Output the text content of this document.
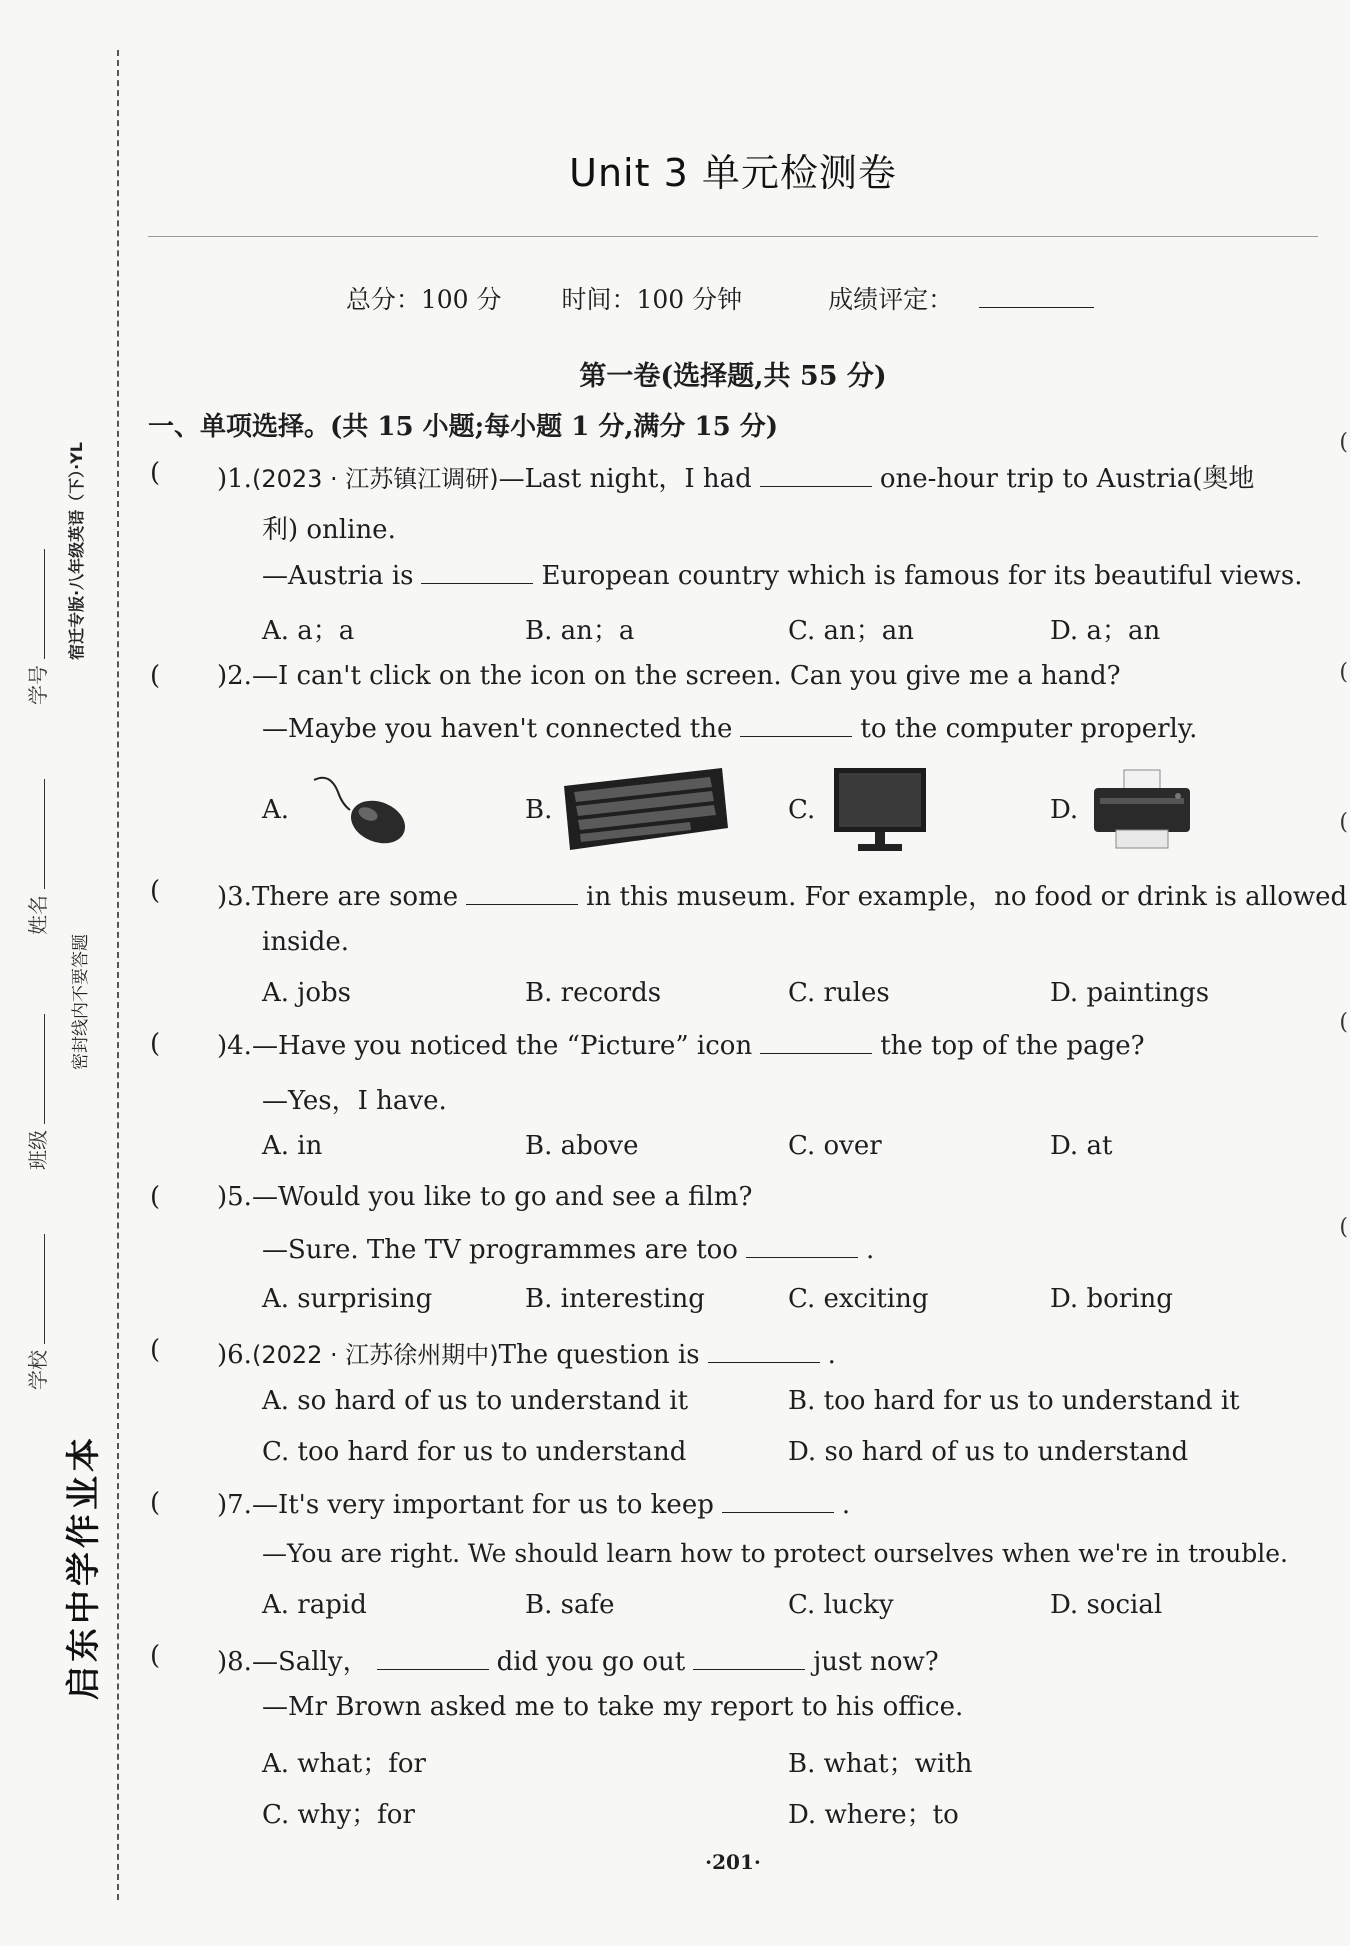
宿迁专版·八年级英语（下）·YL
密封线内不要答题
学号
姓名
班级
学校
启东中学作业本
(
(
(
(
(
Unit 3 单元检测卷
总分：100 分 时间：100 分钟	成绩评定：
第一卷(选择题,共 55 分)
一、单项选择。(共 15 小题;每小题 1 分,满分 15 分)
( )1.(2023 · 江苏镇江调研)—Last night，I had	one-hour trip to Austria(奥地
利) online.
—Austria is	European country which is famous for its beautiful views.
A. a；a	B. an；a	C. an；an	D. a；an
( )2.—I can't click on the icon on the screen. Can you give me a hand?
—Maybe you haven't connected the	to the computer properly.
A.	B.	C.	D.
( )3.There are some	in this museum. For example，no food or drink is allowed
inside.
A. jobs	B. records	C. rules	D. paintings
( )4.—Have you noticed the “Picture” icon	the top of the page?
—Yes，I have.
A. in	B. above	C. over	D. at
( )5.—Would you like to go and see a film?
—Sure. The TV programmes are too	.
A. surprising	B. interesting	C. exciting	D. boring
( )6.(2022 · 江苏徐州期中)The question is	.
A. so hard of us to understand it	B. too hard for us to understand it
C. too hard for us to understand	D. so hard of us to understand
( )7.—It's very important for us to keep	.
—You are right. We should learn how to protect ourselves when we're in trouble.
A. rapid	B. safe	C. lucky	D. social
( )8.—Sally，	did you go out	just now?
—Mr Brown asked me to take my report to his office.
A. what；for	B. what；with
C. why；for	D. where；to
·201·
